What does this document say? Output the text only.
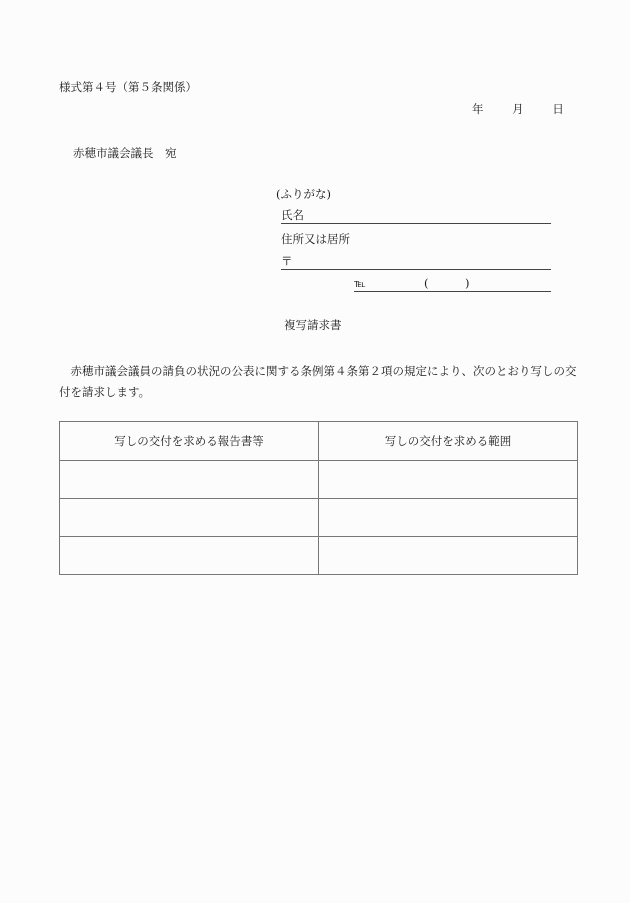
様式第４号（第５条関係）
年 月 日
赤穂市議会議長　宛
(ふりがな)
氏名
住所又は居所
〒
℡	(	)
複写請求書
　赤穂市議会議員の請負の状況の公表に関する条例第４条第２項の規定により、次のとおり写しの交付を請求します。
写しの交付を求める報告書等	写しの交付を求める範囲
